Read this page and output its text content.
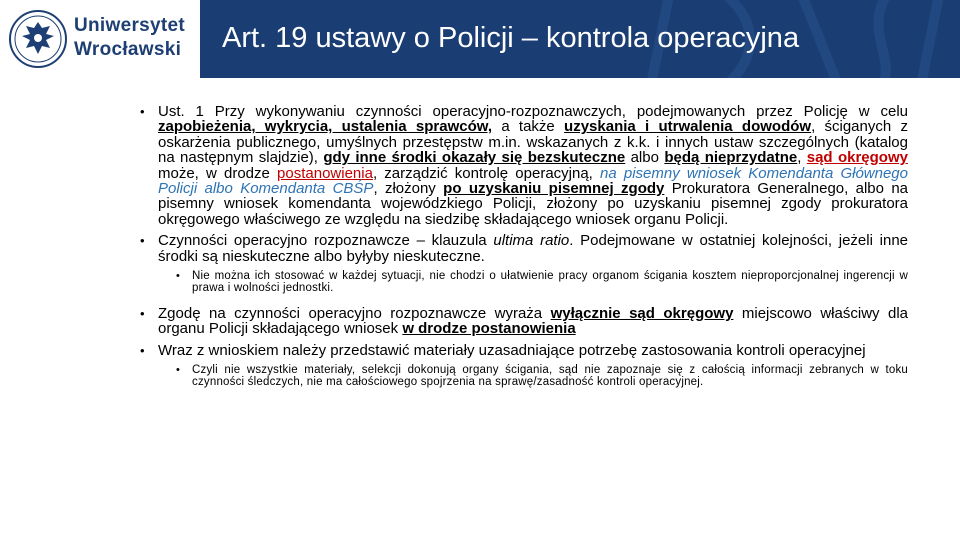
Uniwersytet
Wrocławski Art. 19 ustawy o Policji – kontrola operacyjna
• Ust. 1 Przy wykonywaniu czynności operacyjno-rozpoznawczych, podejmowanych przez Policję w celu zapobieżenia, wykrycia, ustalenia sprawców, a także uzyskania i utrwalenia dowodów, ściganych z oskarżenia publicznego, umyślnych przestępstw m.in. wskazanych z k.k. i innych ustaw szczególnych (katalog na następnym slajdzie), gdy inne środki okazały się bezskuteczne albo będą nieprzydatne, sąd okręgowy może, w drodze postanowienia, zarządzić kontrolę operacyjną, na pisemny wniosek Komendanta Głównego Policji albo Komendanta CBŚP, złożony po uzyskaniu pisemnej zgody Prokuratora Generalnego, albo na pisemny wniosek komendanta wojewódzkiego Policji, złożony po uzyskaniu pisemnej zgody prokuratora okręgowego właściwego ze względu na siedzibę składającego wniosek organu Policji.
• Czynności operacyjno rozpoznawcze – klauzula ultima ratio. Podejmowane w ostatniej kolejności, jeżeli inne środki są nieskuteczne albo byłyby nieskuteczne.
• Nie można ich stosować w każdej sytuacji, nie chodzi o ułatwienie pracy organom ścigania kosztem nieproporcjonalnej ingerencji w prawa i wolności jednostki.
• Zgodę na czynności operacyjno rozpoznawcze wyraża wyłącznie sąd okręgowy miejscowo właściwy dla organu Policji składającego wniosek w drodze postanowienia
• Wraz z wnioskiem należy przedstawić materiały uzasadniające potrzebę zastosowania kontroli operacyjnej
• Czyli nie wszystkie materiały, selekcji dokonują organy ścigania, sąd nie zapoznaje się z całością informacji zebranych w toku czynności śledczych, nie ma całościowego spojrzenia na sprawę/zasadność kontroli operacyjnej.
